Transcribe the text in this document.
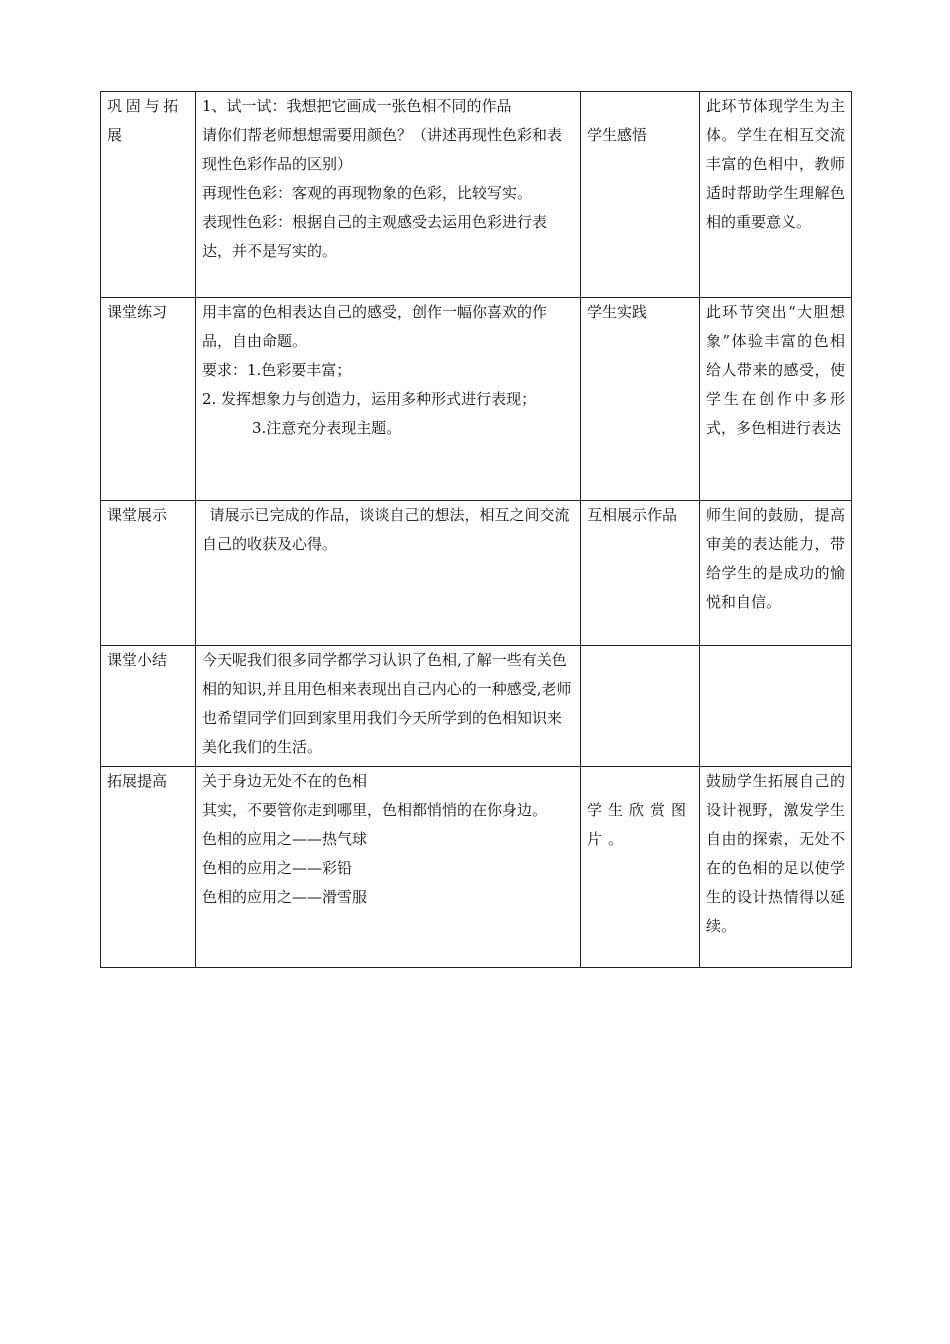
巩固与拓展	1、试一试：我想把它画成一张色相不同的作品
请你们帮老师想想需要用颜色？（讲述再现性色彩和表现性色彩作品的区别）
再现性色彩：客观的再现物象的色彩，比较写实。
表现性色彩：根据自己的主观感受去运用色彩进行表达，并不是写实的。	学生感悟	此环节体现学生为主体。学生在相互交流丰富的色相中，教师适时帮助学生理解色相的重要意义。
课堂练习	用丰富的色相表达自己的感受，创作一幅你喜欢的作品，自由命题。
要求：1.色彩要丰富；
2. 发挥想象力与创造力，运用多种形式进行表现；
3.注意充分表现主题。	学生实践	此环节突出“大胆想象”体验丰富的色相给人带来的感受，使学生在创作中多形式，多色相进行表达
课堂展示	请展示已完成的作品，谈谈自己的想法，相互之间交流自己的收获及心得。	互相展示作品	师生间的鼓励，提高审美的表达能力，带给学生的是成功的愉悦和自信。
课堂小结	今天呢我们很多同学都学习认识了色相,了解一些有关色相的知识,并且用色相来表现出自己内心的一种感受,老师也希望同学们回到家里用我们今天所学到的色相知识来美化我们的生活。		
拓展提高	关于身边无处不在的色相
其实，不要管你走到哪里，色相都悄悄的在你身边。
色相的应用之——热气球
色相的应用之——彩铅
色相的应用之——滑雪服	学生欣赏图片。	鼓励学生拓展自己的设计视野，激发学生自由的探索，无处不在的色相的足以使学生的设计热情得以延续。
